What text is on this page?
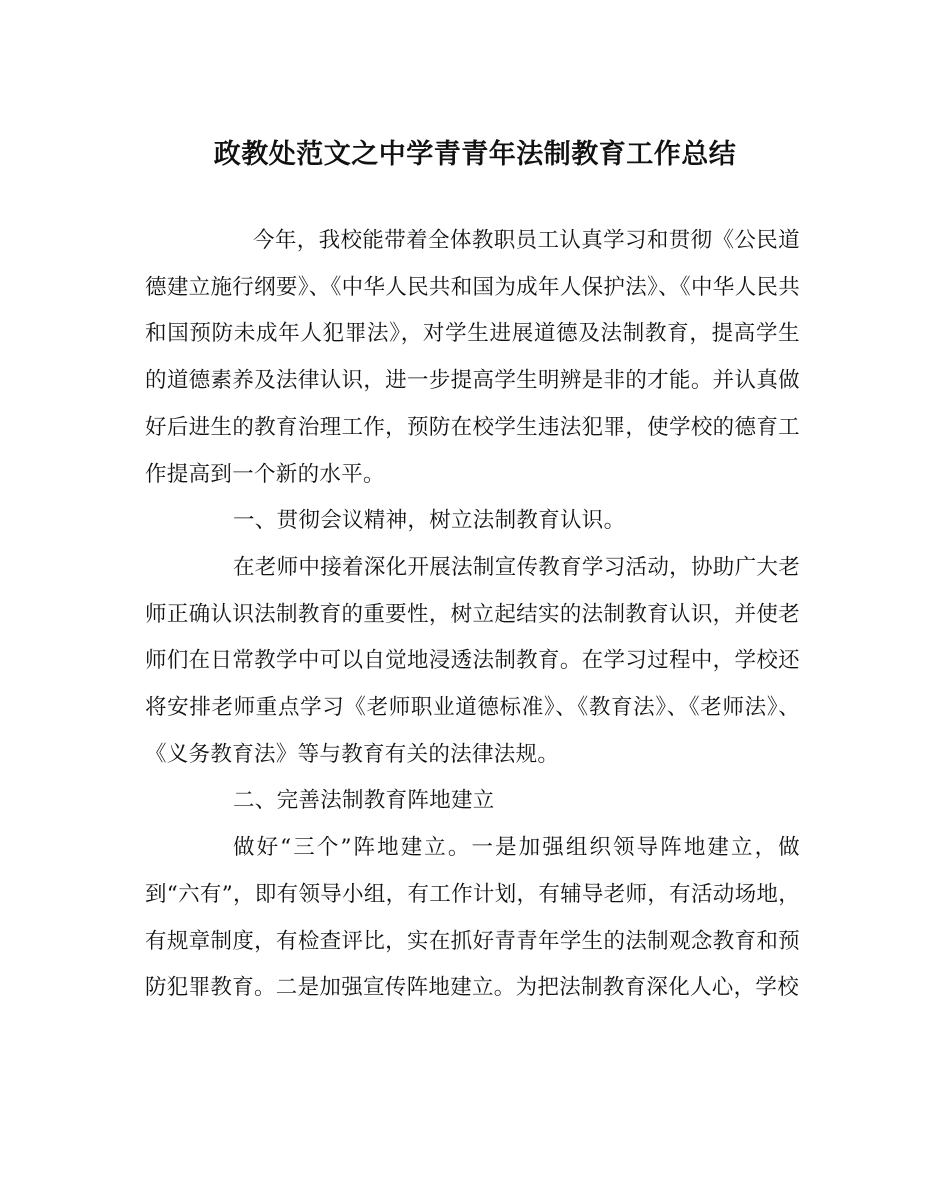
政教处范文之中学青青年法制教育工作总结

今年，我校能带着全体教职员工认真学习和贯彻《公民道德建立施行纲要》、《中华人民共和国为成年人保护法》、《中华人民共和国预防未成年人犯罪法》，对学生进展道德及法制教育，提高学生的道德素养及法律认识，进一步提高学生明辨是非的才能。并认真做好后进生的教育治理工作，预防在校学生违法犯罪，使学校的德育工作提高到一个新的水平。

一、贯彻会议精神，树立法制教育认识。

在老师中接着深化开展法制宣传教育学习活动，协助广大老师正确认识法制教育的重要性，树立起结实的法制教育认识，并使老师们在日常教学中可以自觉地浸透法制教育。在学习过程中，学校还将安排老师重点学习《老师职业道德标准》、《教育法》、《老师法》、《义务教育法》等与教育有关的法律法规。

二、完善法制教育阵地建立

做好“三个”阵地建立。一是加强组织领导阵地建立，做到“六有”，即有领导小组，有工作计划，有辅导老师，有活动场地，有规章制度，有检查评比，实在抓好青青年学生的法制观念教育和预防犯罪教育。二是加强宣传阵地建立。为把法制教育深化人心，学校
